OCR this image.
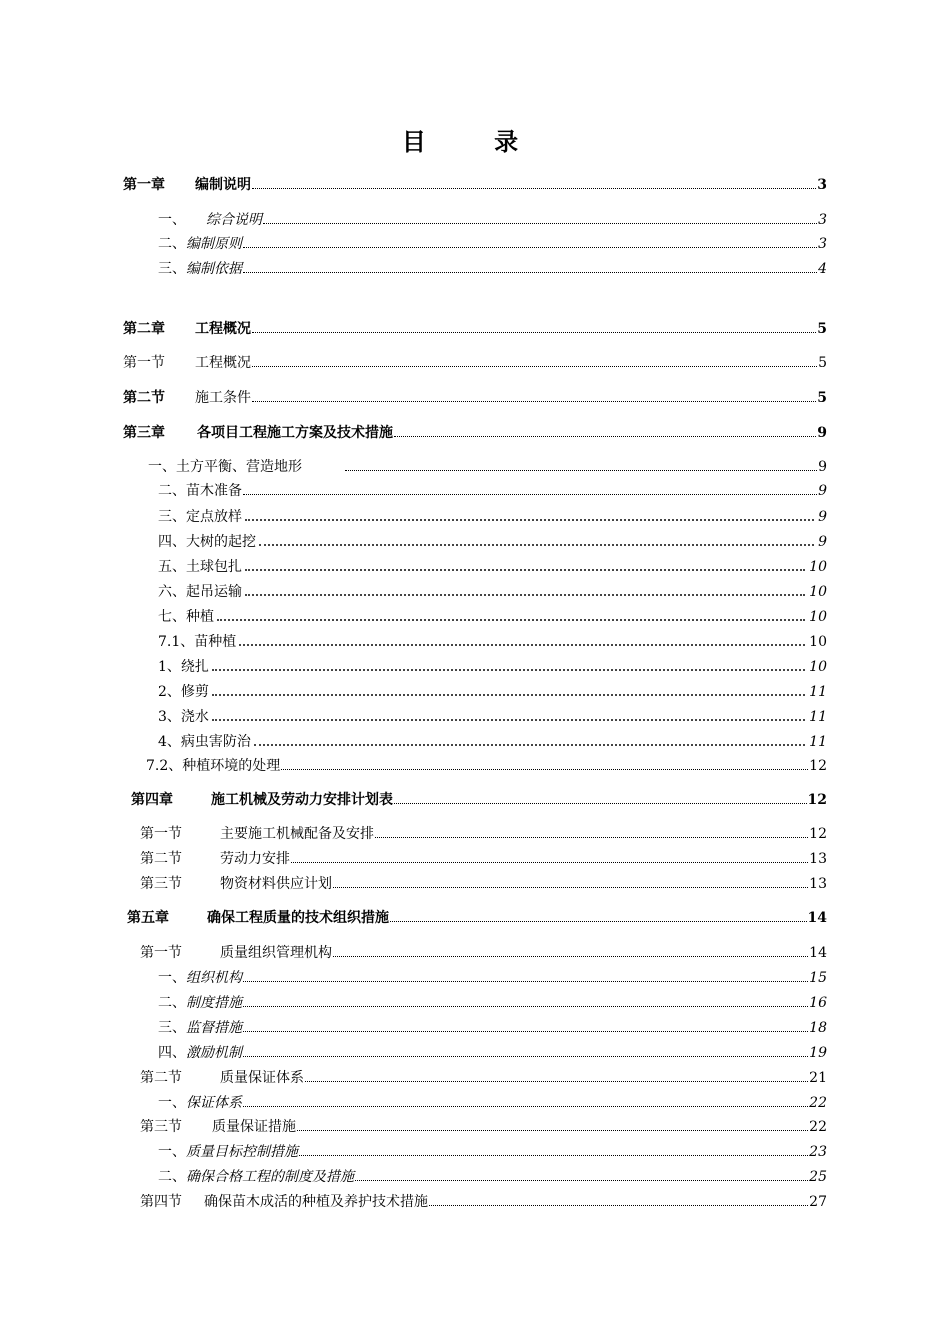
目 录
第一章	编制说明	3
一、	综合说明	3
二、 编制原则	3
三、 编制依据	4
第二章	工程概况	5
第一节	工程概况	5
第二节	施工条件	5
第三章	各项目工程施工方案及技术措施	9
一、 土方平衡、营造地形	9
二、 苗木准备	9
三、 定点放样	9
四、 大树的起挖	9
五、 土球包扎	10
六、 起吊运输	10
七、 种植	10
7.1、 苗种植	10
1、 绕扎	10
2、 修剪	11
3、 浇水	11
4、 病虫害防治	11
7.2、 种植环境的处理	12
第四章	施工机械及劳动力安排计划表	12
第一节	主要施工机械配备及安排	12
第二节	劳动力安排	13
第三节	物资材料供应计划	13
第五章	确保工程质量的技术组织措施	14
第一节	质量组织管理机构	14
一、 组织机构	15
二、 制度措施	16
三、 监督措施	18
四、 激励机制	19
第二节	质量保证体系	21
一、 保证体系	22
第三节	质量保证措施	22
一、 质量目标控制措施	23
二、 确保合格工程的制度及措施	25
第四节	确保苗木成活的种植及养护技术措施	27
